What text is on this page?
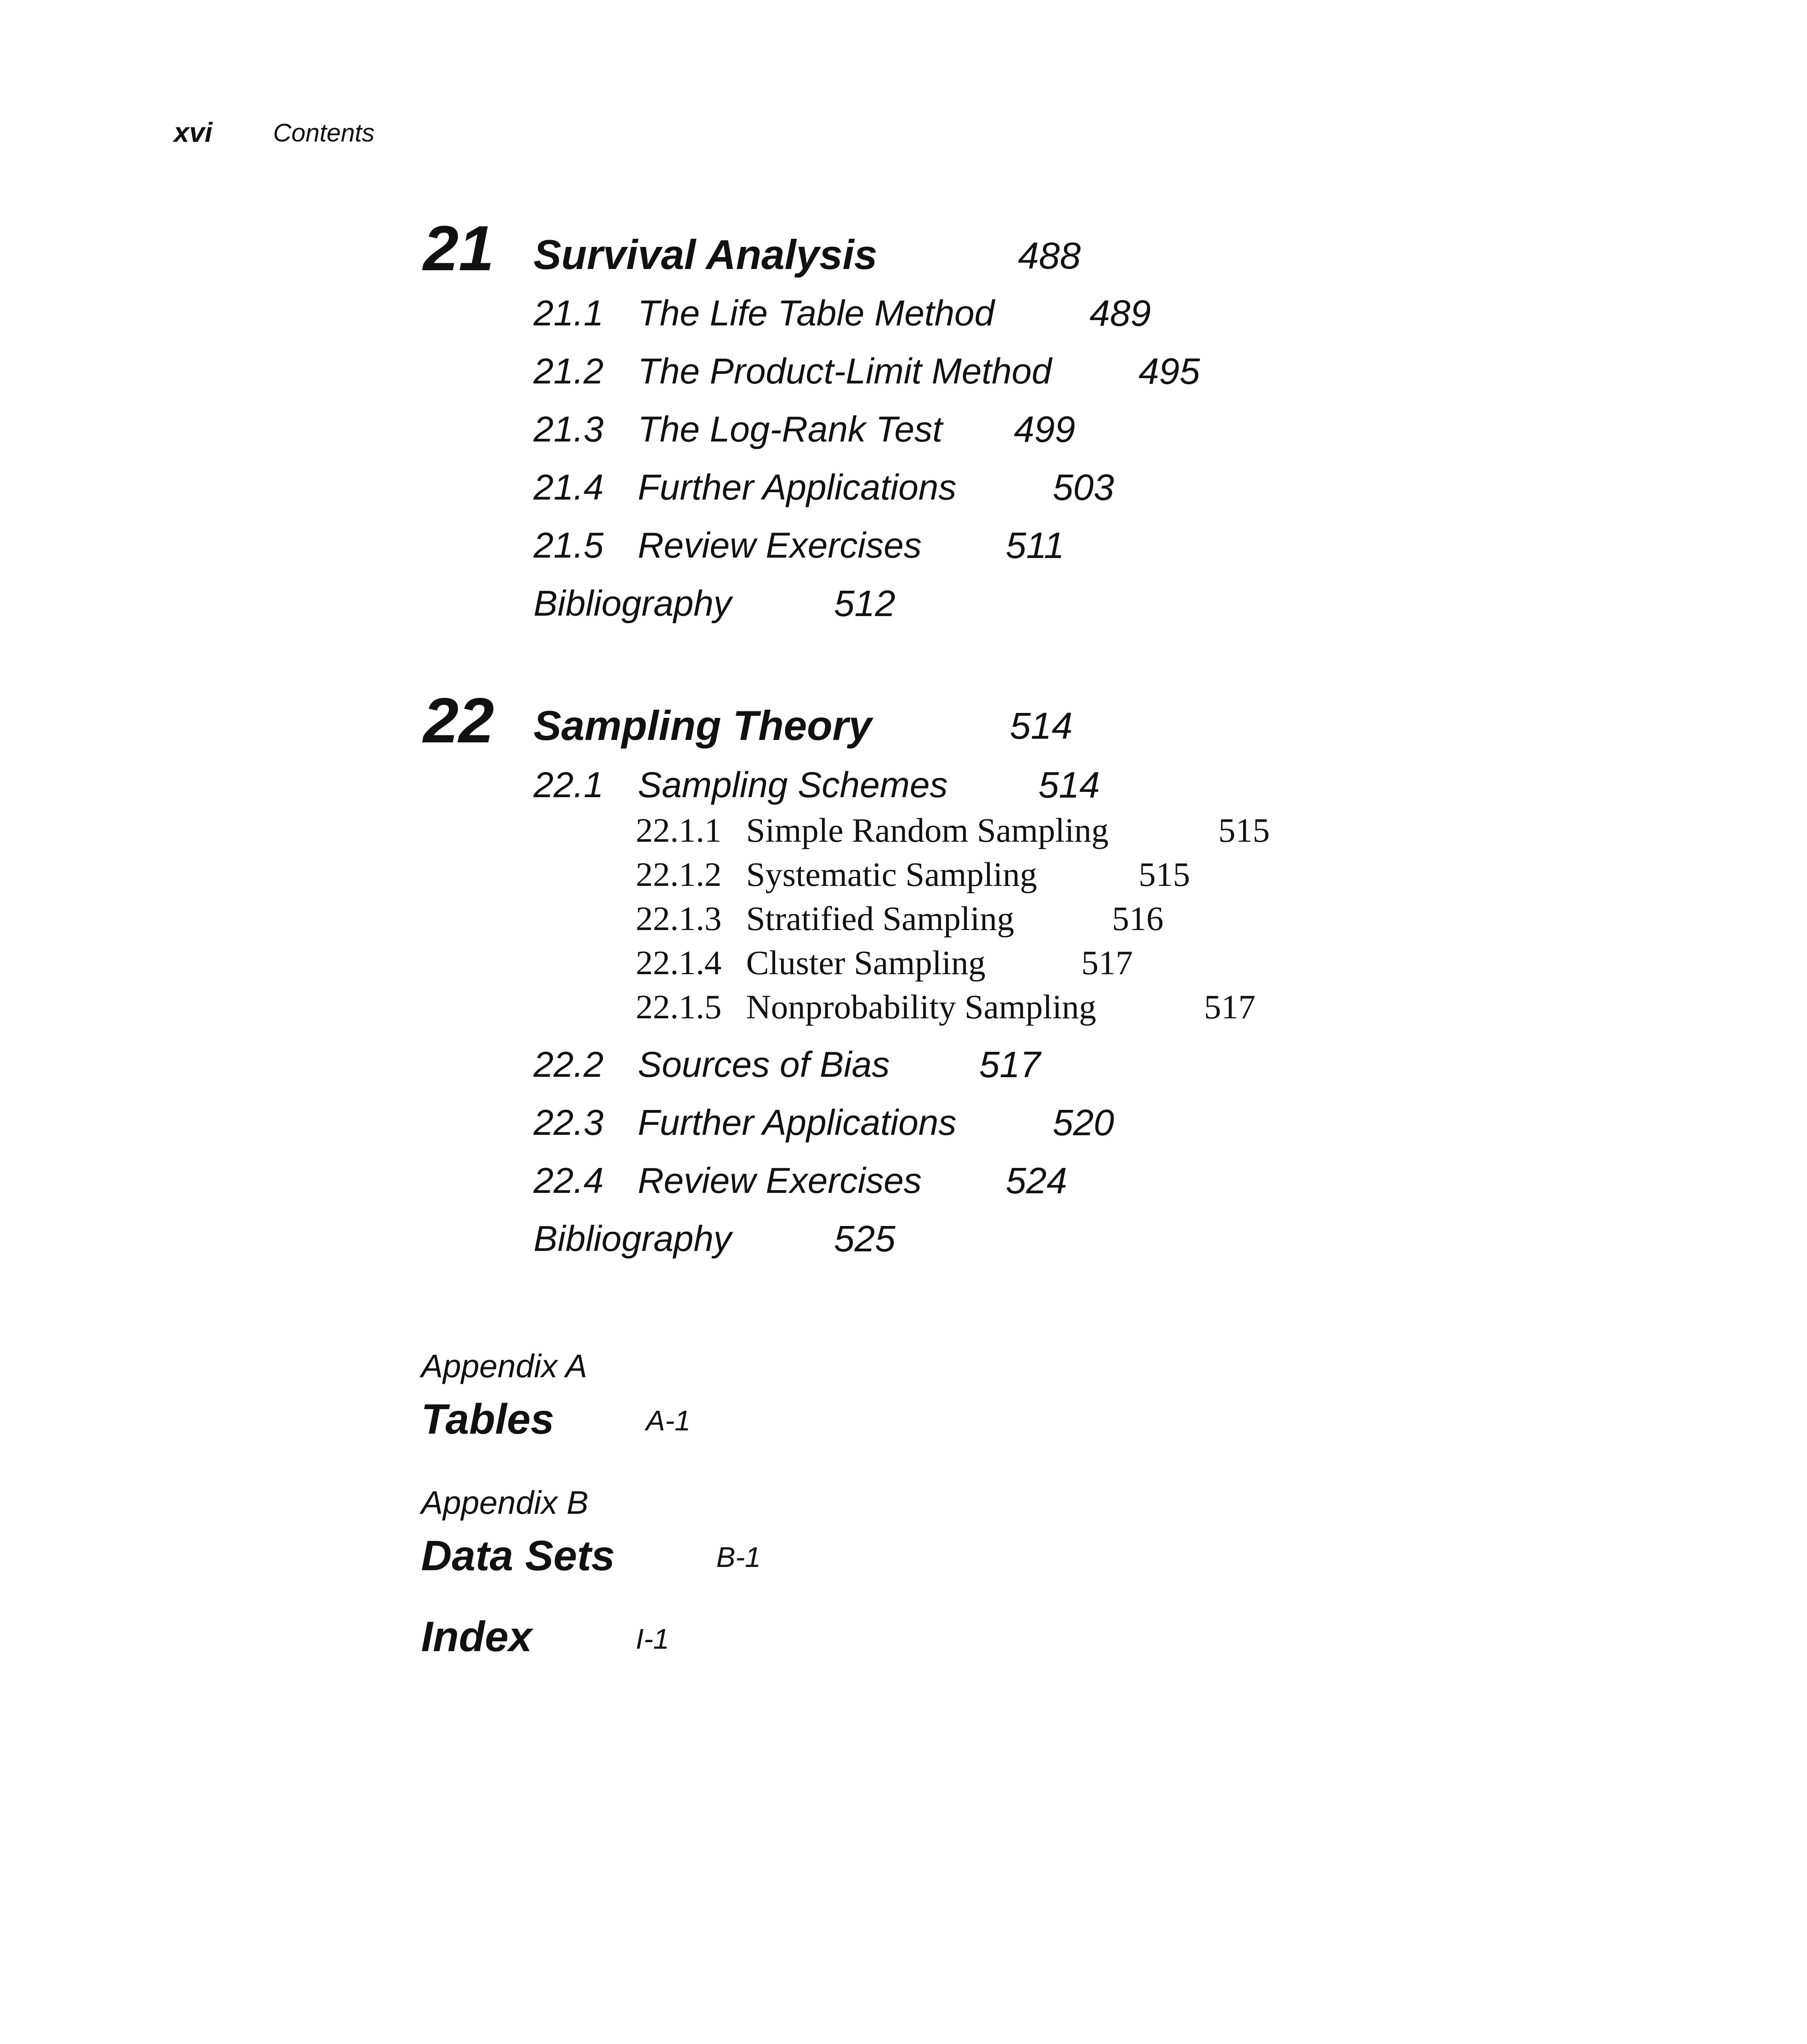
xvi Contents
21 Survival Analysis	488
21.1 The Life Table Method	489
21.2 The Product-Limit Method 495
21.3 The Log-Rank Test 499
21.4 Further Applications	503
21.5 Review Exercises 511
Bibliography	512
22 Sampling Theory	514
22.1 Sampling Schemes 514
22.1.1 Simple Random Sampling	515
22.1.2 Systematic Sampling	515
22.1.3 Stratified Sampling	516
22.1.4 Cluster Sampling	517
22.1.5 Nonprobability Sampling	517
22.2 Sources of Bias 517
22.3 Further Applications	520
22.4 Review Exercises 524
Bibliography	525
Appendix A
Tables	A-1
Appendix B
Data Sets	B-1
Index	I-1
